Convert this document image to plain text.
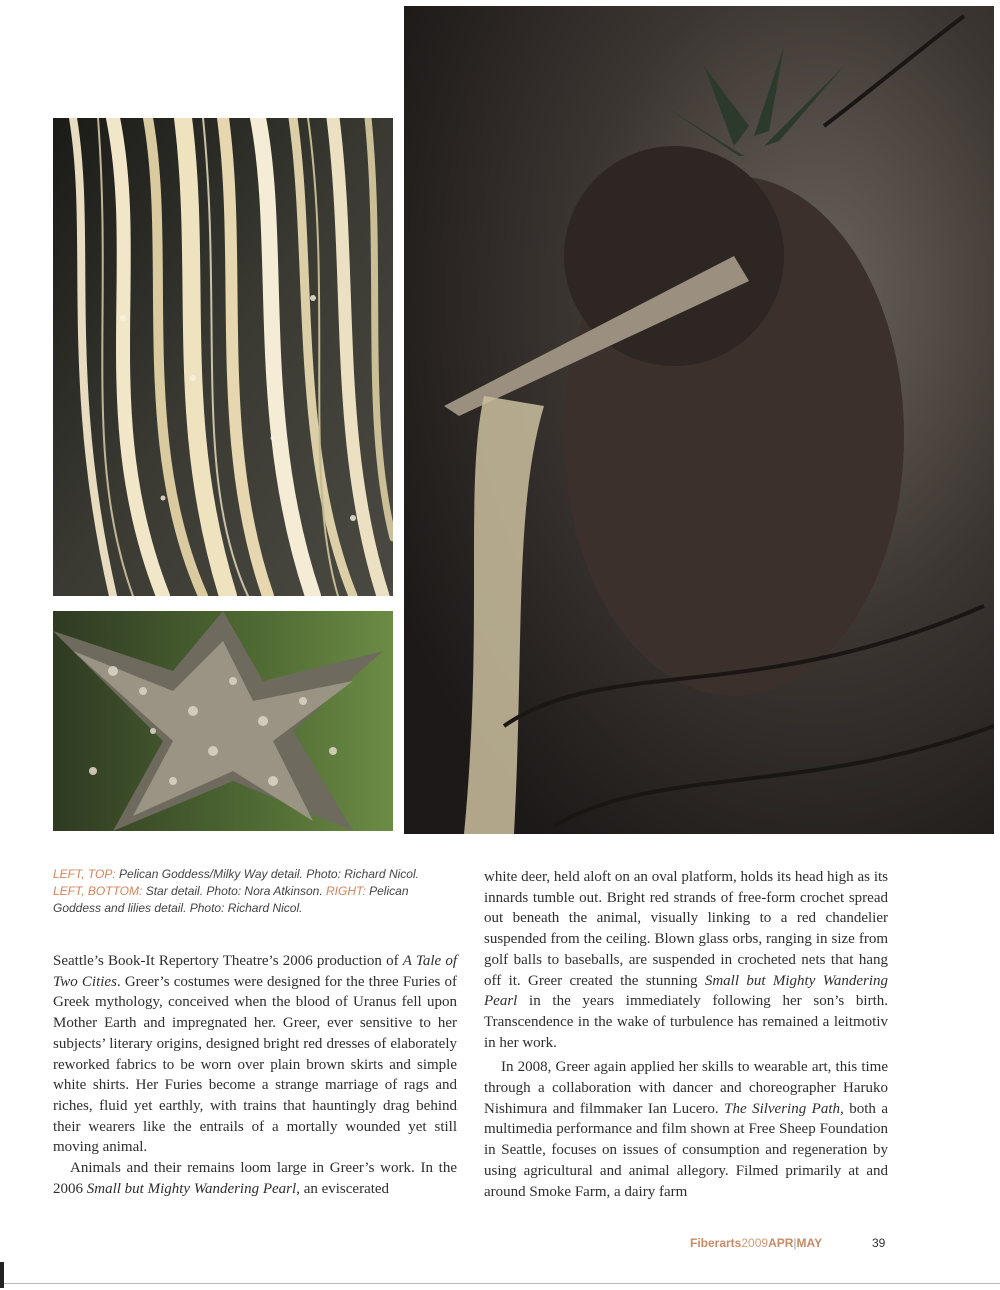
LEFT, TOP: Pelican Goddess/Milky Way detail. Photo: Richard Nicol.
LEFT, BOTTOM: Star detail. Photo: Nora Atkinson. RIGHT: Pelican Goddess and lilies detail. Photo: Richard Nicol.

Seattle’s Book-It Repertory Theatre’s 2006 production of A Tale of Two Cities. Greer’s costumes were designed for the three Furies of Greek mythology, conceived when the blood of Uranus fell upon Mother Earth and impregnated her. Greer, ever sensitive to her subjects’ literary origins, designed bright red dresses of elaborately reworked fabrics to be worn over plain brown skirts and simple white shirts. Her Furies become a strange marriage of rags and riches, fluid yet earthly, with trains that hauntingly drag behind their wearers like the entrails of a mortally wounded yet still moving animal.

Animals and their remains loom large in Greer’s work. In the 2006 Small but Mighty Wandering Pearl, an eviscerated

white deer, held aloft on an oval platform, holds its head high as its innards tumble out. Bright red strands of free-form crochet spread out beneath the animal, visually linking to a red chandelier suspended from the ceiling. Blown glass orbs, ranging in size from golf balls to baseballs, are suspended in crocheted nets that hang off it. Greer created the stunning Small but Mighty Wandering Pearl in the years immediately following her son’s birth. Transcendence in the wake of turbulence has remained a leitmotiv in her work.

In 2008, Greer again applied her skills to wearable art, this time through a collaboration with dancer and choreographer Haruko Nishimura and filmmaker Ian Lucero. The Silvering Path, both a multimedia performance and film shown at Free Sheep Foundation in Seattle, focuses on issues of consumption and regeneration by using agricultural and animal allegory. Filmed primarily at and around Smoke Farm, a dairy farm

Fiberarts2009APR|MAY	39
